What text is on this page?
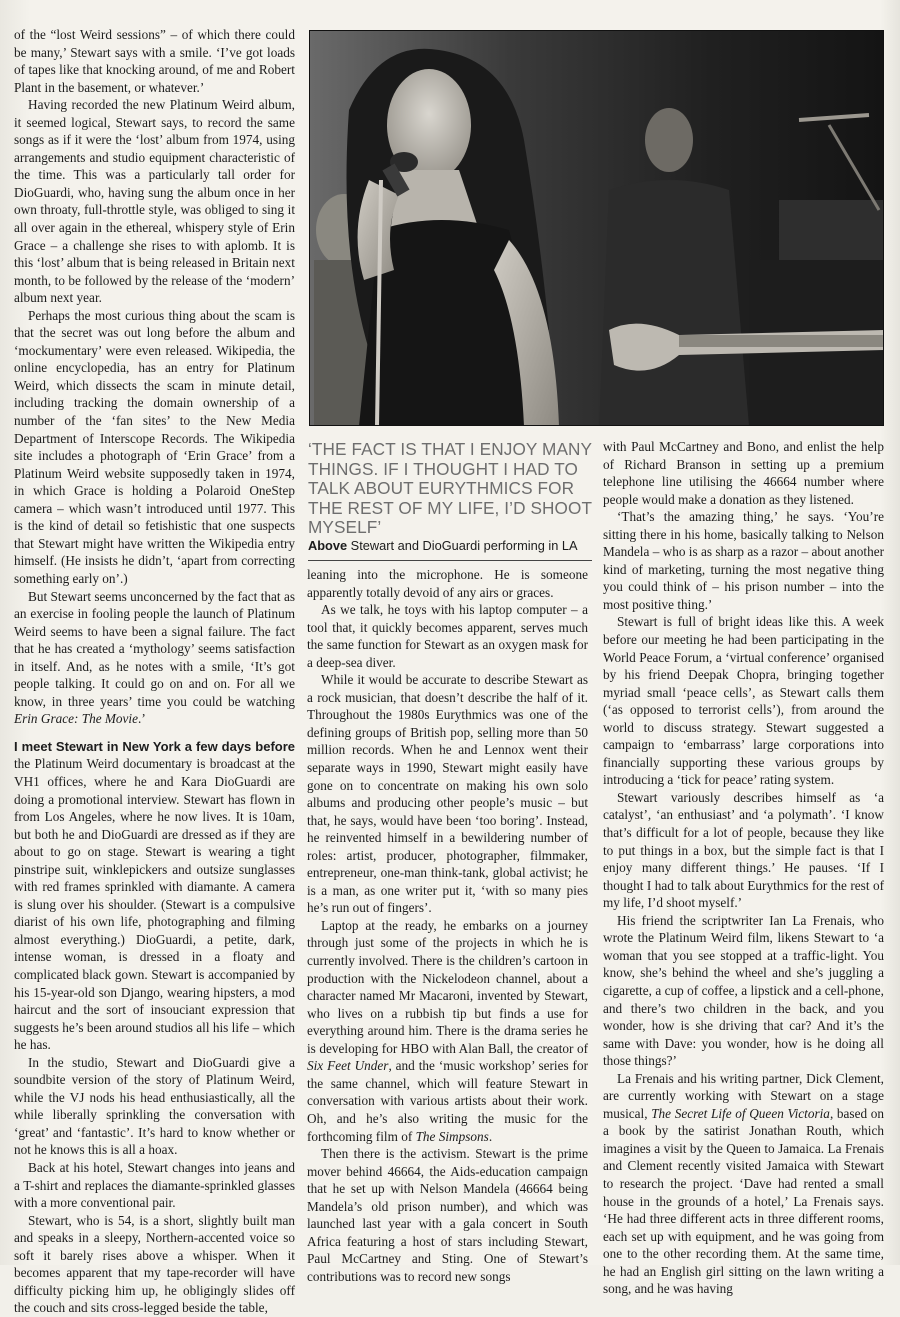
of the “lost Weird sessions” – of which there could be many,’ Stewart says with a smile. ‘I’ve got loads of tapes like that knocking around, of me and Robert Plant in the basement, or whatever.’

Having recorded the new Platinum Weird album, it seemed logical, Stewart says, to record the same songs as if it were the ‘lost’ album from 1974, using arrangements and studio equipment characteristic of the time. This was a particularly tall order for DioGuardi, who, having sung the album once in her own throaty, full-throttle style, was obliged to sing it all over again in the ethereal, whispery style of Erin Grace – a challenge she rises to with aplomb. It is this ‘lost’ album that is being released in Britain next month, to be followed by the release of the ‘modern’ album next year.

Perhaps the most curious thing about the scam is that the secret was out long before the album and ‘mockumentary’ were even released. Wikipedia, the online encyclopedia, has an entry for Platinum Weird, which dissects the scam in minute detail, including tracking the domain ownership of a number of the ‘fan sites’ to the New Media Department of Interscope Records. The Wikipedia site includes a photograph of ‘Erin Grace’ from a Platinum Weird website supposedly taken in 1974, in which Grace is holding a Polaroid OneStep camera – which wasn’t introduced until 1977. This is the kind of detail so fetishistic that one suspects that Stewart might have written the Wikipedia entry himself. (He insists he didn’t, ‘apart from correcting something early on’.)

But Stewart seems unconcerned by the fact that as an exercise in fooling people the launch of Platinum Weird seems to have been a signal failure. The fact that he has created a ‘mythology’ seems satisfaction in itself. And, as he notes with a smile, ‘It’s got people talking. It could go on and on. For all we know, in three years’ time you could be watching Erin Grace: The Movie.’

I meet Stewart in New York a few days before the Platinum Weird documentary is broadcast at the VH1 offices, where he and Kara DioGuardi are doing a promotional interview. Stewart has flown in from Los Angeles, where he now lives. It is 10am, but both he and DioGuardi are dressed as if they are about to go on stage. Stewart is wearing a tight pinstripe suit, winklepickers and outsize sunglasses with red frames sprinkled with diamante. A camera is slung over his shoulder. (Stewart is a compulsive diarist of his own life, photographing and filming almost everything.) DioGuardi, a petite, dark, intense woman, is dressed in a floaty and complicated black gown. Stewart is accompanied by his 15-year-old son Django, wearing hipsters, a mod haircut and the sort of insouciant expression that suggests he’s been around studios all his life – which he has.

In the studio, Stewart and DioGuardi give a soundbite version of the story of Platinum Weird, while the VJ nods his head enthusiastically, all the while liberally sprinkling the conversation with ‘great’ and ‘fantastic’. It’s hard to know whether or not he knows this is all a hoax.

Back at his hotel, Stewart changes into jeans and a T-shirt and replaces the diamante-sprinkled glasses with a more conventional pair.

Stewart, who is 54, is a short, slightly built man and speaks in a sleepy, Northern-accented voice so soft it barely rises above a whisper. When it becomes apparent that my tape-recorder will have difficulty picking him up, he obligingly slides off the couch and sits cross-legged beside the table,

‘THE FACT IS THAT I ENJOY MANY THINGS. IF I THOUGHT I HAD TO TALK ABOUT EURYTHMICS FOR THE REST OF MY LIFE, I’D SHOOT MYSELF’
Above Stewart and DioGuardi performing in LA

leaning into the microphone. He is someone apparently totally devoid of any airs or graces.

As we talk, he toys with his laptop computer – a tool that, it quickly becomes apparent, serves much the same function for Stewart as an oxygen mask for a deep-sea diver.

While it would be accurate to describe Stewart as a rock musician, that doesn’t describe the half of it. Throughout the 1980s Eurythmics was one of the defining groups of British pop, selling more than 50 million records. When he and Lennox went their separate ways in 1990, Stewart might easily have gone on to concentrate on making his own solo albums and producing other people’s music – but that, he says, would have been ‘too boring’. Instead, he reinvented himself in a bewildering number of roles: artist, producer, photographer, filmmaker, entrepreneur, one-man think-tank, global activist; he is a man, as one writer put it, ‘with so many pies he’s run out of fingers’.

Laptop at the ready, he embarks on a journey through just some of the projects in which he is currently involved. There is the children’s cartoon in production with the Nickelodeon channel, about a character named Mr Macaroni, invented by Stewart, who lives on a rubbish tip but finds a use for everything around him. There is the drama series he is developing for HBO with Alan Ball, the creator of Six Feet Under, and the ‘music workshop’ series for the same channel, which will feature Stewart in conversation with various artists about their work. Oh, and he’s also writing the music for the forthcoming film of The Simpsons.

Then there is the activism. Stewart is the prime mover behind 46664, the Aids-education campaign that he set up with Nelson Mandela (46664 being Mandela’s old prison number), and which was launched last year with a gala concert in South Africa featuring a host of stars including Stewart, Paul McCartney and Sting. One of Stewart’s contributions was to record new songs

with Paul McCartney and Bono, and enlist the help of Richard Branson in setting up a premium telephone line utilising the 46664 number where people would make a donation as they listened.

‘That’s the amazing thing,’ he says. ‘You’re sitting there in his home, basically talking to Nelson Mandela – who is as sharp as a razor – about another kind of marketing, turning the most negative thing you could think of – his prison number – into the most positive thing.’

Stewart is full of bright ideas like this. A week before our meeting he had been participating in the World Peace Forum, a ‘virtual conference’ organised by his friend Deepak Chopra, bringing together myriad small ‘peace cells’, as Stewart calls them (‘as opposed to terrorist cells’), from around the world to discuss strategy. Stewart suggested a campaign to ‘embarrass’ large corporations into financially supporting these various groups by introducing a ‘tick for peace’ rating system.

Stewart variously describes himself as ‘a catalyst’, ‘an enthusiast’ and ‘a polymath’. ‘I know that’s difficult for a lot of people, because they like to put things in a box, but the simple fact is that I enjoy many different things.’ He pauses. ‘If I thought I had to talk about Eurythmics for the rest of my life, I’d shoot myself.’

His friend the scriptwriter Ian La Frenais, who wrote the Platinum Weird film, likens Stewart to ‘a woman that you see stopped at a traffic-light. You know, she’s behind the wheel and she’s juggling a cigarette, a cup of coffee, a lipstick and a cell-phone, and there’s two children in the back, and you wonder, how is she driving that car? And it’s the same with Dave: you wonder, how is he doing all those things?’

La Frenais and his writing partner, Dick Clement, are currently working with Stewart on a stage musical, The Secret Life of Queen Victoria, based on a book by the satirist Jonathan Routh, which imagines a visit by the Queen to Jamaica. La Frenais and Clement recently visited Jamaica with Stewart to research the project. ‘Dave had rented a small house in the grounds of a hotel,’ La Frenais says. ‘He had three different acts in three different rooms, each set up with equipment, and he was going from one to the other recording them. At the same time, he had an English girl sitting on the lawn writing a song, and he was having
